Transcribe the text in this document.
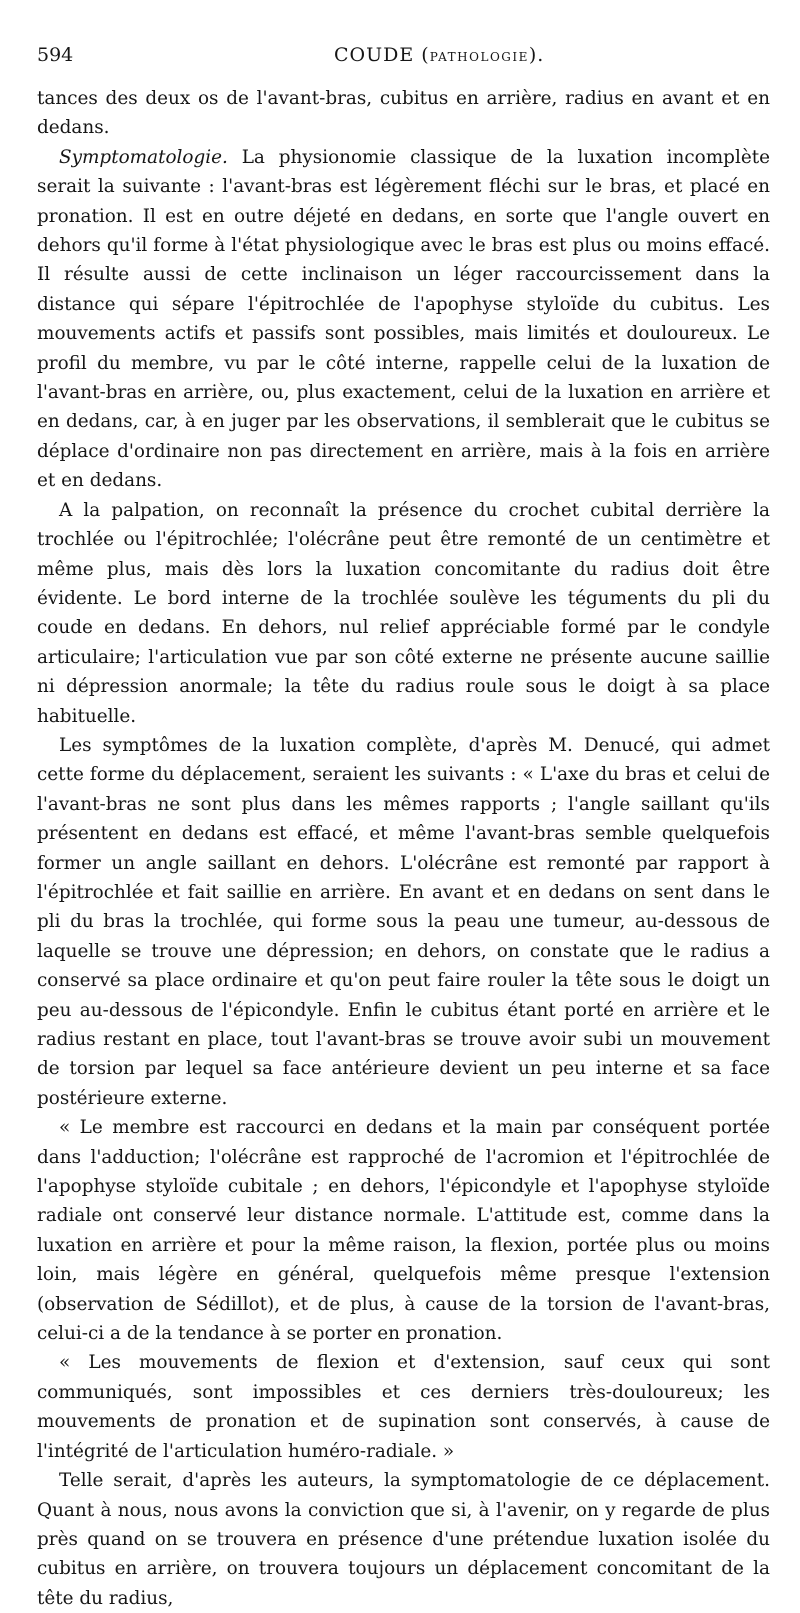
594	COUDE (PATHOLOGIE).

tances des deux os de l'avant-bras, cubitus en arrière, radius en avant et en dedans.

Symptomatologie. La physionomie classique de la luxation incomplète serait la suivante : l'avant-bras est légèrement fléchi sur le bras, et placé en pronation. Il est en outre déjeté en dedans, en sorte que l'angle ouvert en dehors qu'il forme à l'état physiologique avec le bras est plus ou moins effacé. Il résulte aussi de cette inclinaison un léger raccourcissement dans la distance qui sépare l'épitrochlée de l'apophyse styloïde du cubitus. Les mouvements actifs et passifs sont possibles, mais limités et douloureux. Le profil du membre, vu par le côté interne, rappelle celui de la luxation de l'avant-bras en arrière, ou, plus exactement, celui de la luxation en arrière et en dedans, car, à en juger par les observations, il semblerait que le cubitus se déplace d'ordinaire non pas directement en arrière, mais à la fois en arrière et en dedans.

A la palpation, on reconnaît la présence du crochet cubital derrière la trochlée ou l'épitrochlée; l'olécrâne peut être remonté de un centimètre et même plus, mais dès lors la luxation concomitante du radius doit être évidente. Le bord interne de la trochlée soulève les téguments du pli du coude en dedans. En dehors, nul relief appréciable formé par le condyle articulaire; l'articulation vue par son côté externe ne présente aucune saillie ni dépression anormale; la tête du radius roule sous le doigt à sa place habituelle.

Les symptômes de la luxation complète, d'après M. Denucé, qui admet cette forme du déplacement, seraient les suivants : « L'axe du bras et celui de l'avant-bras ne sont plus dans les mêmes rapports ; l'angle saillant qu'ils présentent en dedans est effacé, et même l'avant-bras semble quelquefois former un angle saillant en dehors. L'olécrâne est remonté par rapport à l'épitrochlée et fait saillie en arrière. En avant et en dedans on sent dans le pli du bras la trochlée, qui forme sous la peau une tumeur, au-dessous de laquelle se trouve une dépression; en dehors, on constate que le radius a conservé sa place ordinaire et qu'on peut faire rouler la tête sous le doigt un peu au-dessous de l'épicondyle. Enfin le cubitus étant porté en arrière et le radius restant en place, tout l'avant-bras se trouve avoir subi un mouvement de torsion par lequel sa face antérieure devient un peu interne et sa face postérieure externe.

« Le membre est raccourci en dedans et la main par conséquent portée dans l'adduction; l'olécrâne est rapproché de l'acromion et l'épitrochlée de l'apophyse styloïde cubitale ; en dehors, l'épicondyle et l'apophyse styloïde radiale ont conservé leur distance normale. L'attitude est, comme dans la luxation en arrière et pour la même raison, la flexion, portée plus ou moins loin, mais légère en général, quelquefois même presque l'extension (observation de Sédillot), et de plus, à cause de la torsion de l'avant-bras, celui-ci a de la tendance à se porter en pronation.

« Les mouvements de flexion et d'extension, sauf ceux qui sont communiqués, sont impossibles et ces derniers très-douloureux; les mouvements de pronation et de supination sont conservés, à cause de l'intégrité de l'articulation huméro-radiale. »

Telle serait, d'après les auteurs, la symptomatologie de ce déplacement. Quant à nous, nous avons la conviction que si, à l'avenir, on y regarde de plus près quand on se trouvera en présence d'une prétendue luxation isolée du cubitus en arrière, on trouvera toujours un déplacement concomitant de la tête du radius,
